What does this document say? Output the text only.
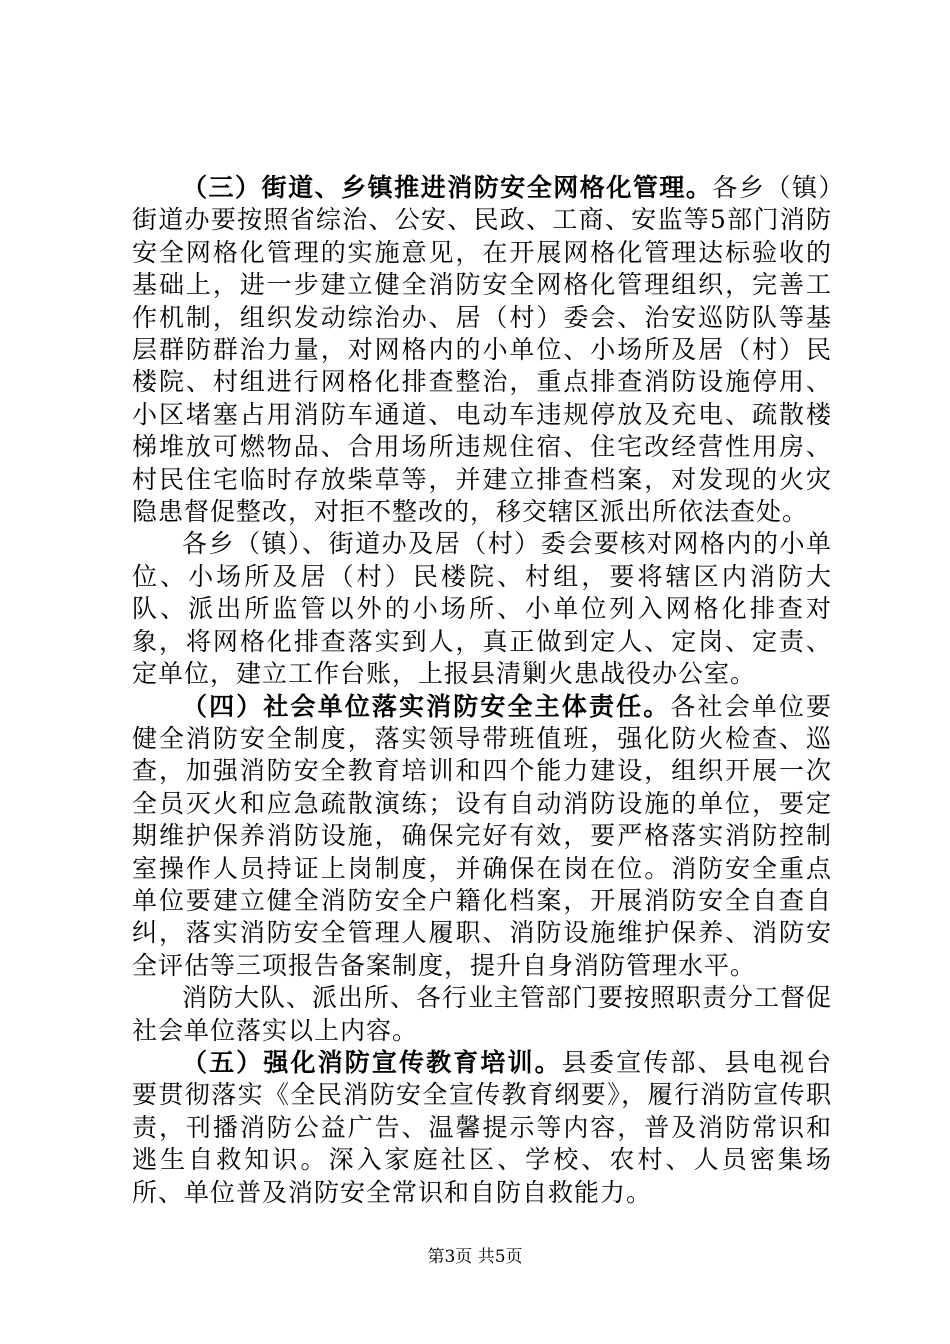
（三）街道、乡镇推进消防安全网格化管理。各乡（镇）街道办要按照省综治、公安、民政、工商、安监等5部门消防安全网格化管理的实施意见，在开展网格化管理达标验收的基础上，进一步建立健全消防安全网格化管理组织，完善工作机制，组织发动综治办、居（村）委会、治安巡防队等基层群防群治力量，对网格内的小单位、小场所及居（村）民楼院、村组进行网格化排查整治，重点排查消防设施停用、小区堵塞占用消防车通道、电动车违规停放及充电、疏散楼梯堆放可燃物品、合用场所违规住宿、住宅改经营性用房、村民住宅临时存放柴草等，并建立排查档案，对发现的火灾隐患督促整改，对拒不整改的，移交辖区派出所依法查处。

各乡（镇）、街道办及居（村）委会要核对网格内的小单位、小场所及居（村）民楼院、村组，要将辖区内消防大队、派出所监管以外的小场所、小单位列入网格化排查对象，将网格化排查落实到人，真正做到定人、定岗、定责、定单位，建立工作台账，上报县清剿火患战役办公室。

（四）社会单位落实消防安全主体责任。各社会单位要健全消防安全制度，落实领导带班值班，强化防火检查、巡查，加强消防安全教育培训和四个能力建设，组织开展一次全员灭火和应急疏散演练；设有自动消防设施的单位，要定期维护保养消防设施，确保完好有效，要严格落实消防控制室操作人员持证上岗制度，并确保在岗在位。消防安全重点单位要建立健全消防安全户籍化档案，开展消防安全自查自纠，落实消防安全管理人履职、消防设施维护保养、消防安全评估等三项报告备案制度，提升自身消防管理水平。

消防大队、派出所、各行业主管部门要按照职责分工督促社会单位落实以上内容。

（五）强化消防宣传教育培训。县委宣传部、县电视台要贯彻落实《全民消防安全宣传教育纲要》，履行消防宣传职责，刊播消防公益广告、温馨提示等内容，普及消防常识和逃生自救知识。深入家庭社区、学校、农村、人员密集场所、单位普及消防安全常识和自防自救能力。

第3页 共5页
